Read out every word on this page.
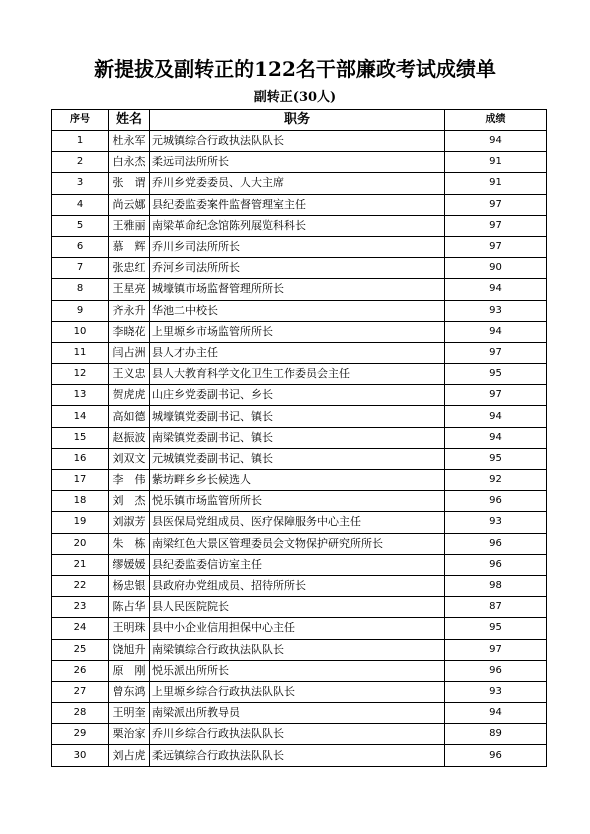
新提拔及副转正的122名干部廉政考试成绩单
副转正(30人)
序号	姓名	职务	成绩
1	杜永军	元城镇综合行政执法队队长	94
2	白永杰	柔远司法所所长	91
3	张　谓	乔川乡党委委员、人大主席	91
4	尚云娜	县纪委监委案件监督管理室主任	97
5	王雅丽	南梁革命纪念馆陈列展览科科长	97
6	慕　辉	乔川乡司法所所长	97
7	张忠红	乔河乡司法所所长	90
8	王星亮	城壕镇市场监督管理所所长	94
9	齐永升	华池二中校长	93
10	李晓花	上里塬乡市场监管所所长	94
11	闫占洲	县人才办主任	97
12	王义忠	县人大教育科学文化卫生工作委员会主任	95
13	贺虎虎	山庄乡党委副书记、乡长	97
14	高如德	城壕镇党委副书记、镇长	94
15	赵振波	南梁镇党委副书记、镇长	94
16	刘双文	元城镇党委副书记、镇长	95
17	李　伟	紫坊畔乡乡长候选人	92
18	刘　杰	悦乐镇市场监管所所长	96
19	刘淑芳	县医保局党组成员、医疗保障服务中心主任	93
20	朱　栋	南梁红色大景区管理委员会文物保护研究所所长	96
21	缪媛媛	县纪委监委信访室主任	96
22	杨忠银	县政府办党组成员、招待所所长	98
23	陈占华	县人民医院院长	87
24	王明珠	县中小企业信用担保中心主任	95
25	饶旭升	南梁镇综合行政执法队队长	97
26	原　刚	悦乐派出所所长	96
27	曾东鸿	上里塬乡综合行政执法队队长	93
28	王明奎	南梁派出所教导员	94
29	栗治家	乔川乡综合行政执法队队长	89
30	刘占虎	柔远镇综合行政执法队队长	96
